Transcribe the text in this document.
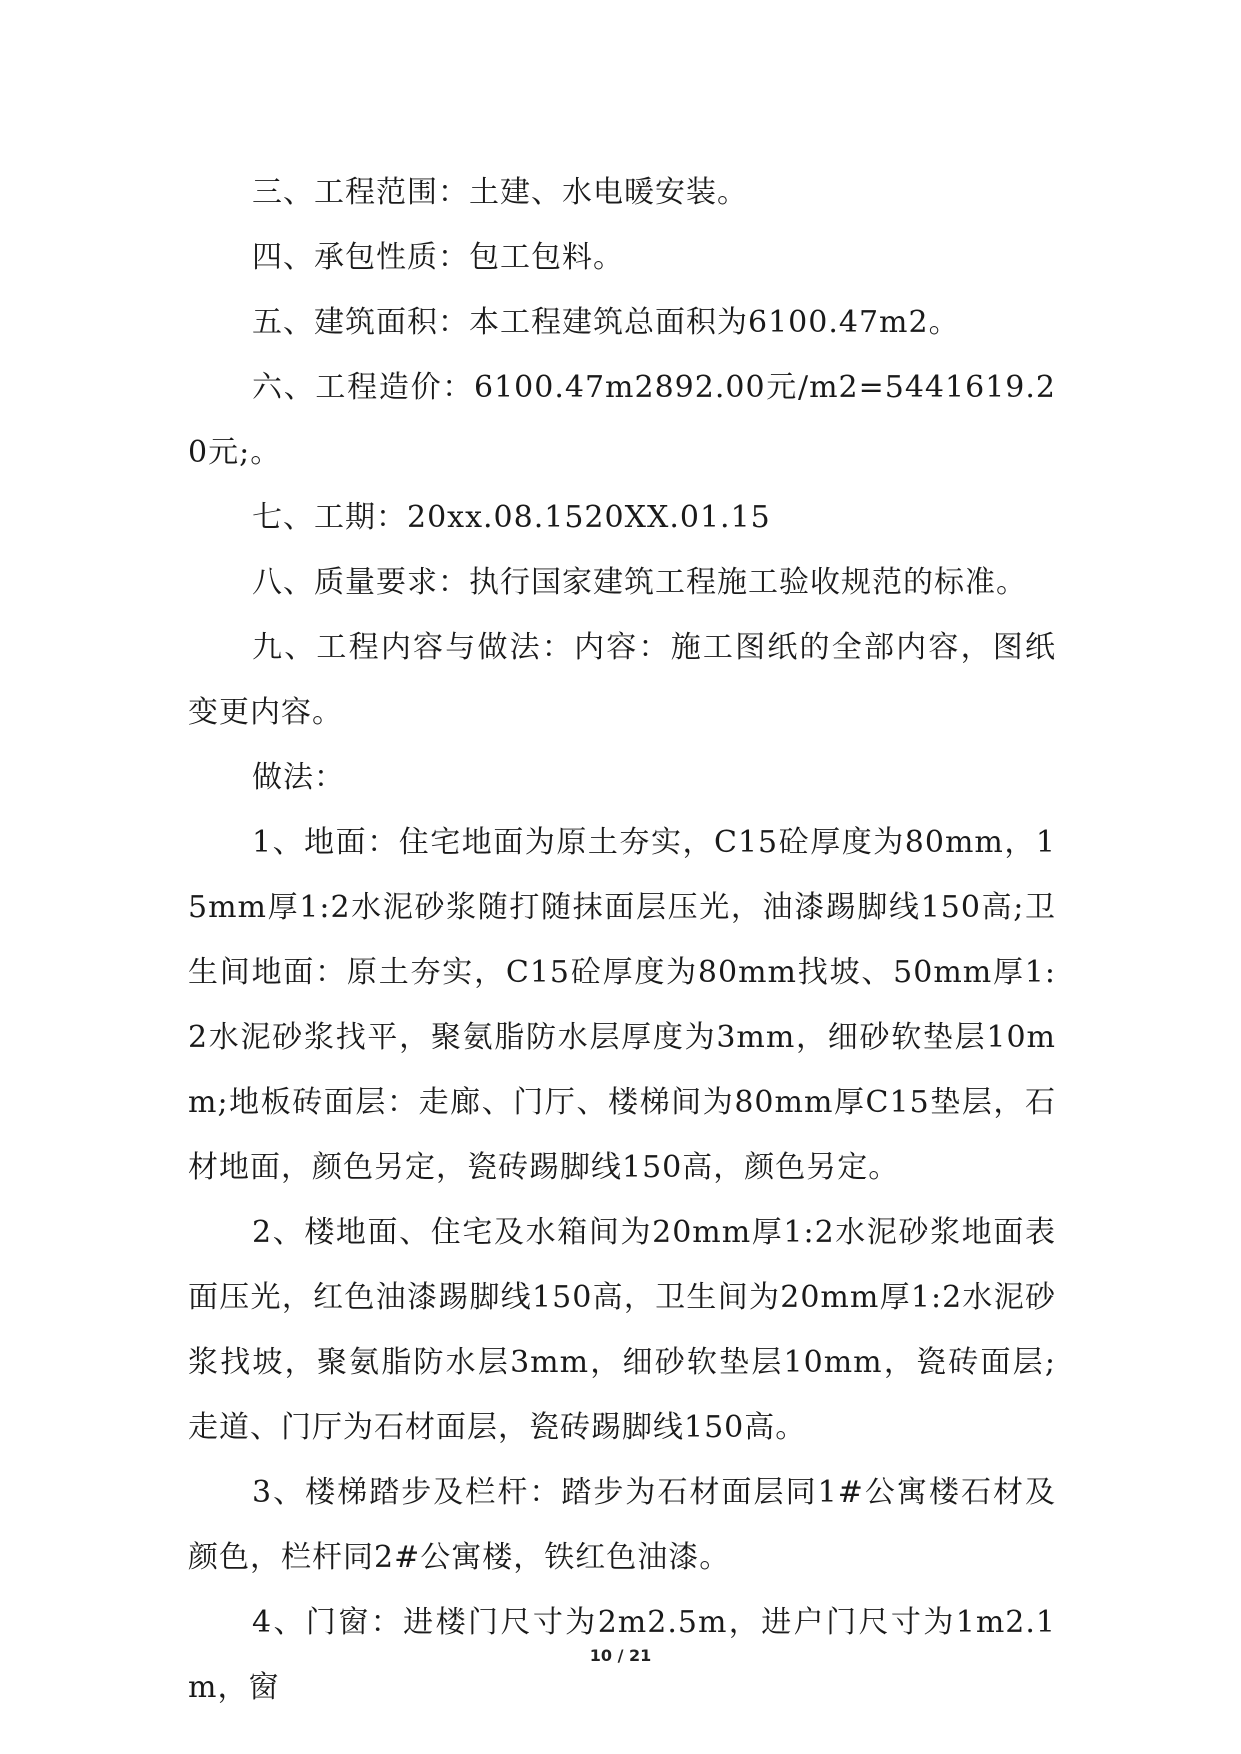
三、工程范围：土建、水电暖安装。

四、承包性质：包工包料。

五、建筑面积：本工程建筑总面积为6100.47m2。

六、工程造价：6100.47m2892.00元/m2=5441619.20元;。

七、工期：20xx.08.1520XX.01.15

八、质量要求：执行国家建筑工程施工验收规范的标准。

九、工程内容与做法：内容：施工图纸的全部内容，图纸变更内容。

做法：

1、地面：住宅地面为原土夯实，C15砼厚度为80mm，15mm厚1:2水泥砂浆随打随抹面层压光，油漆踢脚线150高;卫生间地面：原土夯实，C15砼厚度为80mm找坡、50mm厚1:2水泥砂浆找平，聚氨脂防水层厚度为3mm，细砂软垫层10mm;地板砖面层：走廊、门厅、楼梯间为80mm厚C15垫层，石材地面，颜色另定，瓷砖踢脚线150高，颜色另定。

2、楼地面、住宅及水箱间为20mm厚1:2水泥砂浆地面表面压光，红色油漆踢脚线150高，卫生间为20mm厚1:2水泥砂浆找坡，聚氨脂防水层3mm，细砂软垫层10mm，瓷砖面层;走道、门厅为石材面层，瓷砖踢脚线150高。

3、楼梯踏步及栏杆：踏步为石材面层同1#公寓楼石材及颜色，栏杆同2#公寓楼，铁红色油漆。

4、门窗：进楼门尺寸为2m2.5m，进户门尺寸为1m2.1m，窗

10 / 21
